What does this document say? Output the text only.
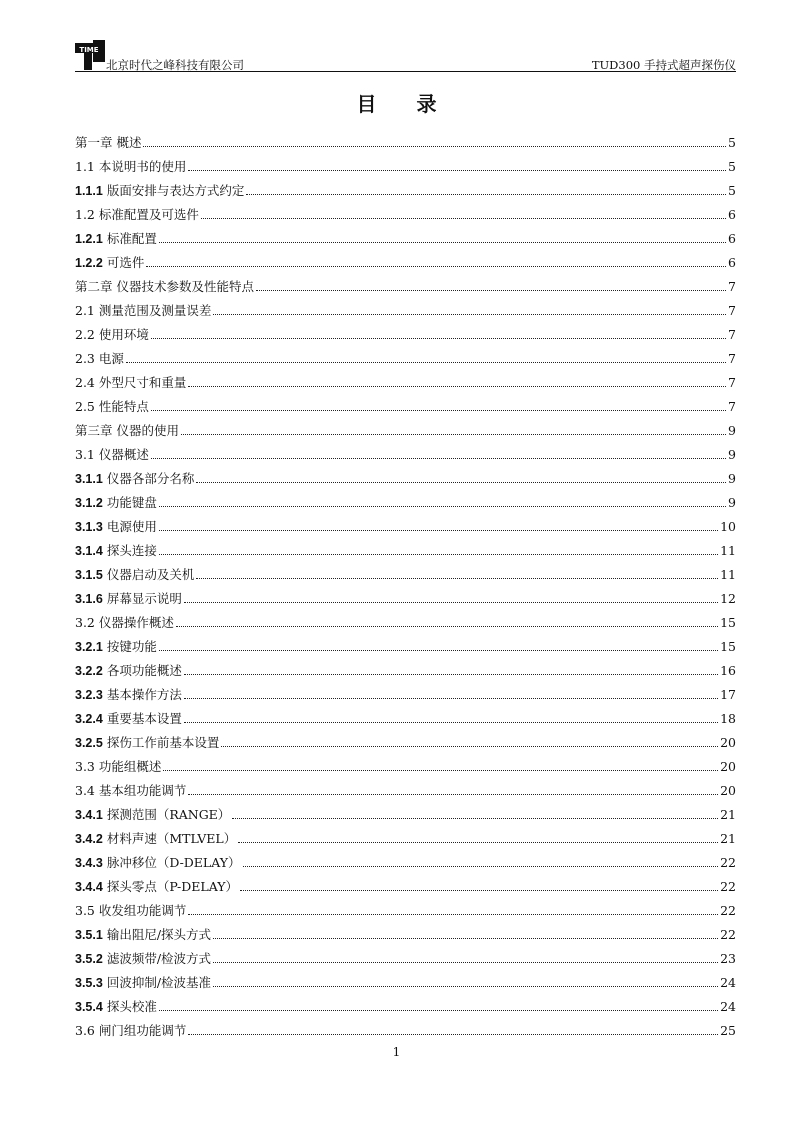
TIME
北京时代之峰科技有限公司	TUD300 手持式超声探伤仪
目　　录
第一章 概述	5
1.1 本说明书的使用	5
1.1.1 版面安排与表达方式约定	5
1.2 标准配置及可选件	6
1.2.1 标准配置	6
1.2.2 可选件	6
第二章 仪器技术参数及性能特点	7
2.1 测量范围及测量误差	7
2.2 使用环境	7
2.3 电源	7
2.4 外型尺寸和重量	7
2.5 性能特点	7
第三章 仪器的使用	9
3.1 仪器概述	9
3.1.1 仪器各部分名称	9
3.1.2 功能键盘	9
3.1.3 电源使用	10
3.1.4 探头连接	11
3.1.5 仪器启动及关机	11
3.1.6 屏幕显示说明	12
3.2 仪器操作概述	15
3.2.1 按键功能	15
3.2.2 各项功能概述	16
3.2.3 基本操作方法	17
3.2.4 重要基本设置	18
3.2.5 探伤工作前基本设置	20
3.3 功能组概述	20
3.4 基本组功能调节	20
3.4.1 探测范围（RANGE）	21
3.4.2 材料声速（MTLVEL）	21
3.4.3 脉冲移位（D-DELAY）	22
3.4.4 探头零点（P-DELAY）	22
3.5 收发组功能调节	22
3.5.1 输出阻尼/探头方式	22
3.5.2 滤波频带/检波方式	23
3.5.3 回波抑制/检波基准	24
3.5.4 探头校准	24
3.6 闸门组功能调节	25
1
